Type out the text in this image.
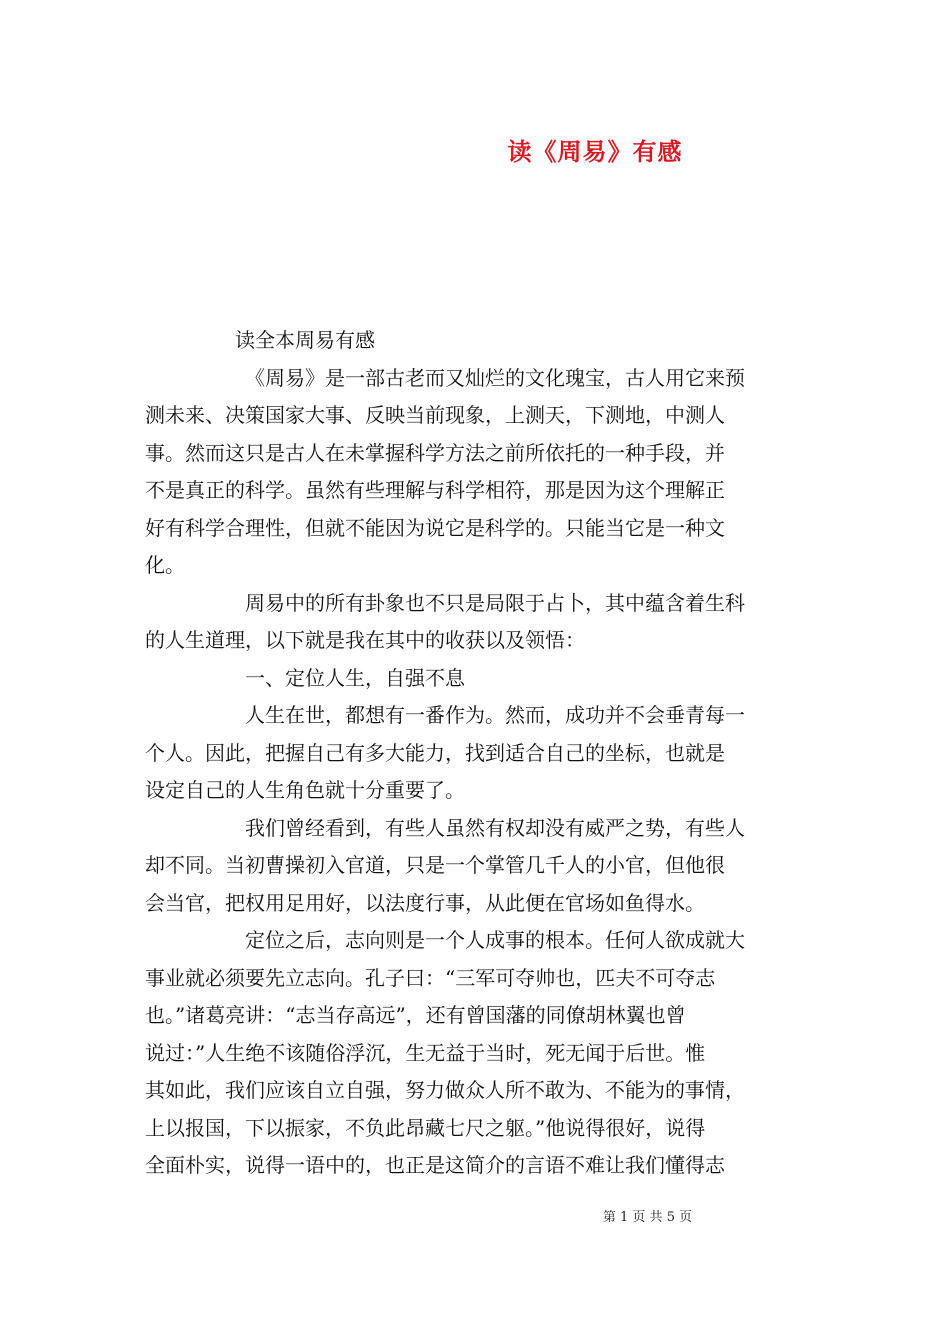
读《周易》有感

读全本周易有感

《周易》是一部古老而又灿烂的文化瑰宝，古人用它来预

测未来、决策国家大事、反映当前现象，上测天，下测地，中测人

事。然而这只是古人在未掌握科学方法之前所依托的一种手段，并

不是真正的科学。虽然有些理解与科学相符，那是因为这个理解正

好有科学合理性，但就不能因为说它是科学的。只能当它是一种文

化。

周易中的所有卦象也不只是局限于占卜，其中蕴含着生科

的人生道理，以下就是我在其中的收获以及领悟：

一、定位人生，自强不息

人生在世，都想有一番作为。然而，成功并不会垂青每一

个人。因此，把握自己有多大能力，找到适合自己的坐标，也就是

设定自己的人生角色就十分重要了。

我们曾经看到，有些人虽然有权却没有威严之势，有些人

却不同。当初曹操初入官道，只是一个掌管几千人的小官，但他很

会当官，把权用足用好，以法度行事，从此便在官场如鱼得水。

定位之后，志向则是一个人成事的根本。任何人欲成就大

事业就必须要先立志向。孔子曰：“三军可夺帅也，匹夫不可夺志

也。”诸葛亮讲：“志当存高远”，还有曾国藩的同僚胡林翼也曾

说过：”人生绝不该随俗浮沉，生无益于当时，死无闻于后世。惟

其如此，我们应该自立自强，努力做众人所不敢为、不能为的事情，

上以报国，下以振家，不负此昂藏七尺之躯。”他说得很好，说得

全面朴实，说得一语中的，也正是这简介的言语不难让我们懂得志

第 1 页 共 5 页
